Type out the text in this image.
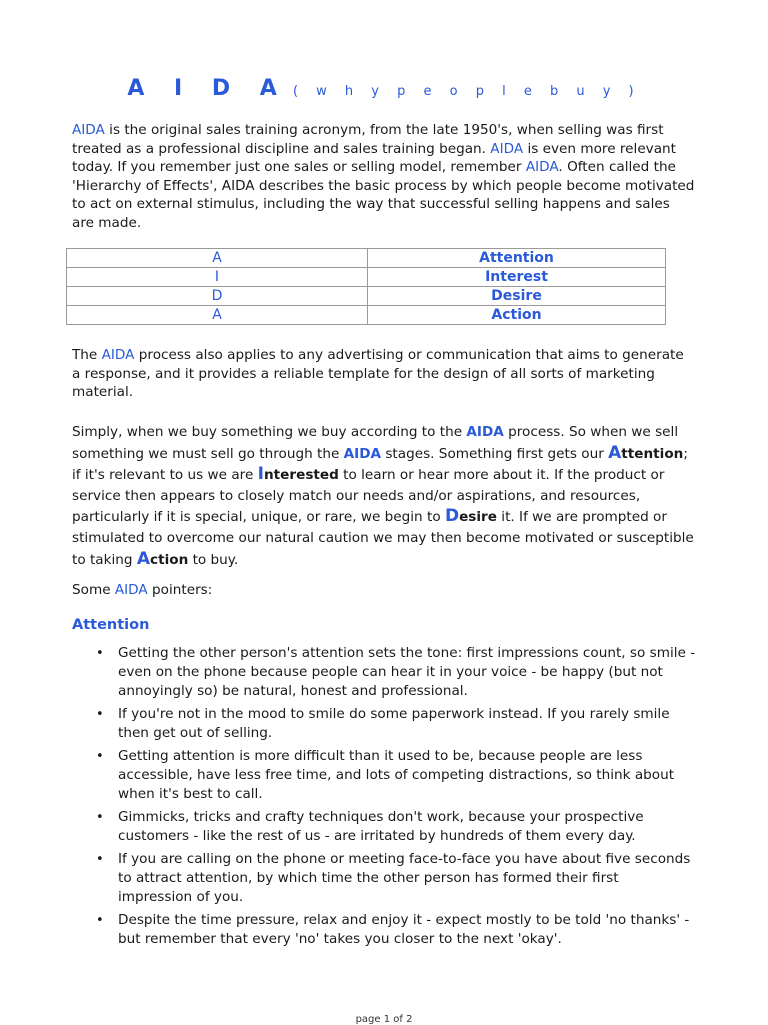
A I D A ( w h y p e o p l e b u y )

AIDA is the original sales training acronym, from the late 1950's, when selling was first treated as a professional discipline and sales training began. AIDA is even more relevant today. If you remember just one sales or selling model, remember AIDA. Often called the 'Hierarchy of Effects', AIDA describes the basic process by which people become motivated to act on external stimulus, including the way that successful selling happens and sales are made.

A	Attention
I	Interest
D	Desire
A	Action

The AIDA process also applies to any advertising or communication that aims to generate a response, and it provides a reliable template for the design of all sorts of marketing material.

Simply, when we buy something we buy according to the AIDA process. So when we sell something we must sell go through the AIDA stages. Something first gets our Attention; if it's relevant to us we are Interested to learn or hear more about it. If the product or service then appears to closely match our needs and/or aspirations, and resources, particularly if it is special, unique, or rare, we begin to Desire it. If we are prompted or stimulated to overcome our natural caution we may then become motivated or susceptible to taking Action to buy.

Some AIDA pointers:

Attention
• Getting the other person's attention sets the tone: first impressions count, so smile - even on the phone because people can hear it in your voice - be happy (but not annoyingly so) be natural, honest and professional.
• If you're not in the mood to smile do some paperwork instead. If you rarely smile then get out of selling.
• Getting attention is more difficult than it used to be, because people are less accessible, have less free time, and lots of competing distractions, so think about when it's best to call.
• Gimmicks, tricks and crafty techniques don't work, because your prospective customers - like the rest of us - are irritated by hundreds of them every day.
• If you are calling on the phone or meeting face-to-face you have about five seconds to attract attention, by which time the other person has formed their first impression of you.
• Despite the time pressure, relax and enjoy it - expect mostly to be told 'no thanks' - but remember that every 'no' takes you closer to the next 'okay'.
page 1 of 2
